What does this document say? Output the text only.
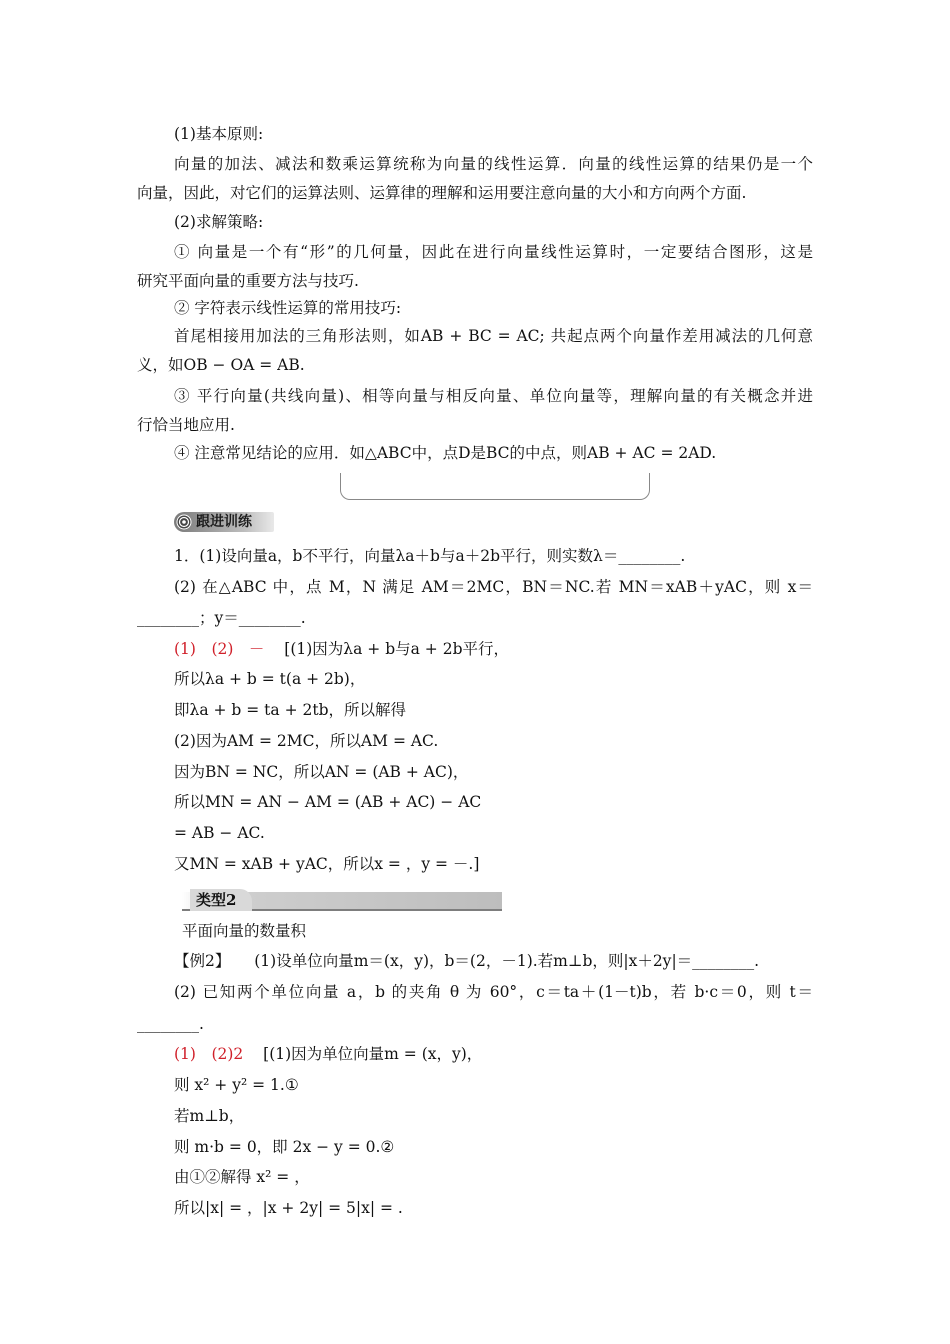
(1)基本原则:
向量的加法、减法和数乘运算统称为向量的线性运算．向量的线性运算的结果仍是一个
向量，因此，对它们的运算法则、运算律的理解和运用要注意向量的大小和方向两个方面.
(2)求解策略:
① 向量是一个有“形”的几何量，因此在进行向量线性运算时，一定要结合图形，这是
研究平面向量的重要方法与技巧.
② 字符表示线性运算的常用技巧:
首尾相接用加法的三角形法则，如AB + BC = AC; 共起点两个向量作差用减法的几何意
义，如OB − OA = AB.
③ 平行向量(共线向量)、相等向量与相反向量、单位向量等，理解向量的有关概念并进
行恰当地应用.
④ 注意常见结论的应用．如△ABC中，点D是BC的中点，则AB + AC = 2AD.
跟进训练
1．(1)设向量a，b不平行，向量λa＋b与a＋2b平行，则实数λ＝________.
(2) 在△ABC 中，点 M，N 满足 AM＝2MC，BN＝NC.若 MN＝xAB＋yAC，则 x＝
________；y＝________.
(1)　(2)　－ [(1)因为λa + b与a + 2b平行，
所以λa + b = t(a + 2b)，
即λa + b = ta + 2tb，所以解得
(2)因为AM = 2MC，所以AM = AC.
因为BN = NC，所以AN = (AB + AC)，
所以MN = AN − AM = (AB + AC) − AC
= AB − AC.
又MN = xAB + yAC，所以x = ，y = －.]
类型2
平面向量的数量积
【例2】 (1)设单位向量m＝(x，y)，b＝(2，－1).若m⊥b，则|x＋2y|＝________.
(2) 已知两个单位向量 a，b 的夹角 θ 为 60°，c＝ta＋(1－t)b，若 b·c＝0，则 t＝
________.
(1)　(2)2 [(1)因为单位向量m = (x，y)，
则 x² + y² = 1.①
若m⊥b，
则 m·b = 0，即 2x − y = 0.②
由①②解得 x² = ，
所以|x| = ，|x + 2y| = 5|x| = .
